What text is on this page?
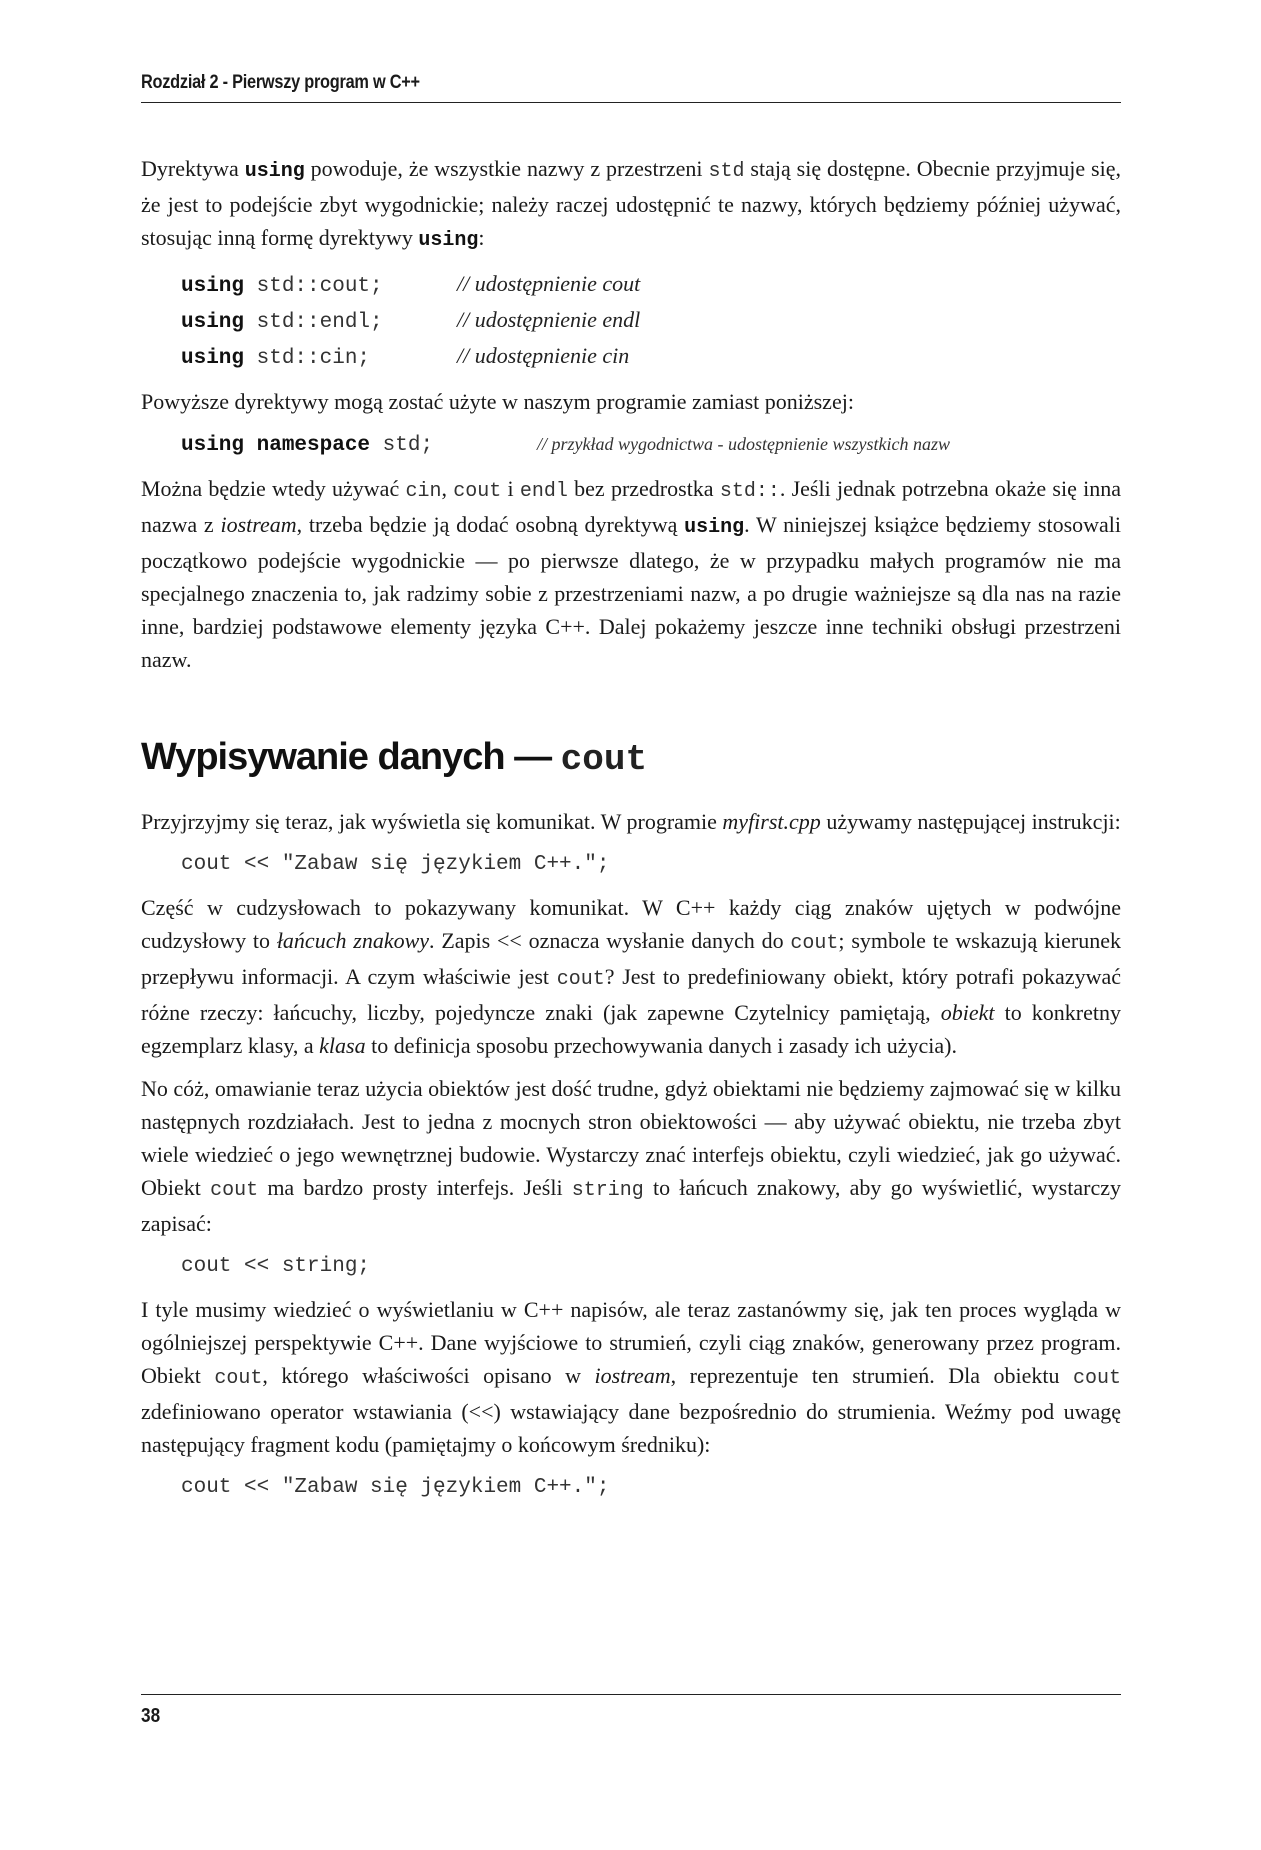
Rozdział 2 - Pierwszy program w C++

Dyrektywa using powoduje, że wszystkie nazwy z przestrzeni std stają się dostępne. Obecnie przyjmuje się, że jest to podejście zbyt wygodnickie; należy raczej udostępnić te nazwy, których będziemy później używać, stosując inną formę dyrektywy using:

using std::cout;	// udostępnienie cout
using std::endl;	// udostępnienie endl
using std::cin;	// udostępnienie cin

Powyższe dyrektywy mogą zostać użyte w naszym programie zamiast poniższej:

using namespace std;	// przykład wygodnictwa - udostępnienie wszystkich nazw

Można będzie wtedy używać cin, cout i endl bez przedrostka std::. Jeśli jednak potrzebna okaże się inna nazwa z iostream, trzeba będzie ją dodać osobną dyrektywą using. W niniejszej książce będziemy stosowali początkowo podejście wygodnickie — po pierwsze dlatego, że w przypadku małych programów nie ma specjalnego znaczenia to, jak radzimy sobie z przestrzeniami nazw, a po drugie ważniejsze są dla nas na razie inne, bardziej podstawowe elementy języka C++. Dalej pokażemy jeszcze inne techniki obsługi przestrzeni nazw.

Wypisywanie danych — cout

Przyjrzyjmy się teraz, jak wyświetla się komunikat. W programie myfirst.cpp używamy następującej instrukcji:

cout << "Zabaw się językiem C++.";

Część w cudzysłowach to pokazywany komunikat. W C++ każdy ciąg znaków ujętych w podwójne cudzysłowy to łańcuch znakowy. Zapis << oznacza wysłanie danych do cout; symbole te wskazują kierunek przepływu informacji. A czym właściwie jest cout? Jest to predefiniowany obiekt, który potrafi pokazywać różne rzeczy: łańcuchy, liczby, pojedyncze znaki (jak zapewne Czytelnicy pamiętają, obiekt to konkretny egzemplarz klasy, a klasa to definicja sposobu przechowywania danych i zasady ich użycia).

No cóż, omawianie teraz użycia obiektów jest dość trudne, gdyż obiektami nie będziemy zajmować się w kilku następnych rozdziałach. Jest to jedna z mocnych stron obiektowości — aby używać obiektu, nie trzeba zbyt wiele wiedzieć o jego wewnętrznej budowie. Wystarczy znać interfejs obiektu, czyli wiedzieć, jak go używać. Obiekt cout ma bardzo prosty interfejs. Jeśli string to łańcuch znakowy, aby go wyświetlić, wystarczy zapisać:

cout << string;

I tyle musimy wiedzieć o wyświetlaniu w C++ napisów, ale teraz zastanówmy się, jak ten proces wygląda w ogólniejszej perspektywie C++. Dane wyjściowe to strumień, czyli ciąg znaków, generowany przez program. Obiekt cout, którego właściwości opisano w iostream, reprezentuje ten strumień. Dla obiektu cout zdefiniowano operator wstawiania (<<) wstawiający dane bezpośrednio do strumienia. Weźmy pod uwagę następujący fragment kodu (pamiętajmy o końcowym średniku):

cout << "Zabaw się językiem C++.";
38
